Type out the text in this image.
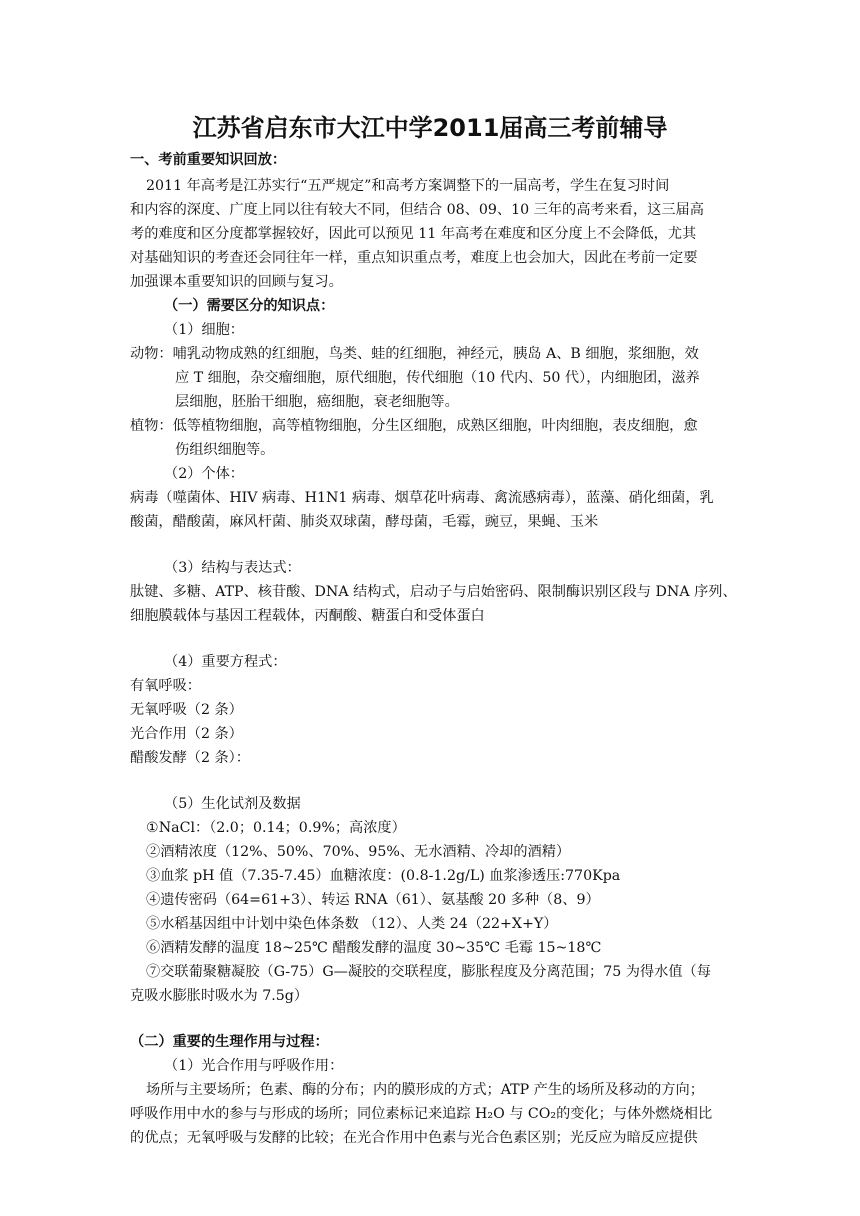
江苏省启东市大江中学2011届高三考前辅导
一、考前重要知识回放：
2011 年高考是江苏实行“五严规定”和高考方案调整下的一届高考，学生在复习时间
和内容的深度、广度上同以往有较大不同，但结合 08、09、10 三年的高考来看，这三届高
考的难度和区分度都掌握较好，因此可以预见 11 年高考在难度和区分度上不会降低，尤其
对基础知识的考查还会同往年一样，重点知识重点考，难度上也会加大，因此在考前一定要
加强课本重要知识的回顾与复习。
（一）需要区分的知识点：
（1）细胞：
动物：哺乳动物成熟的红细胞，鸟类、蛙的红细胞，神经元，胰岛 A、B 细胞，浆细胞，效
应 T 细胞，杂交瘤细胞，原代细胞，传代细胞（10 代内、50 代），内细胞团，滋养
层细胞，胚胎干细胞，癌细胞，衰老细胞等。
植物：低等植物细胞，高等植物细胞，分生区细胞，成熟区细胞，叶肉细胞，表皮细胞，愈
伤组织细胞等。
（2）个体：
病毒（噬菌体、HIV 病毒、H1N1 病毒、烟草花叶病毒、禽流感病毒），蓝藻、硝化细菌，乳
酸菌，醋酸菌，麻风杆菌、肺炎双球菌，酵母菌，毛霉，豌豆，果蝇、玉米
（3）结构与表达式：
肽键、多糖、ATP、核苷酸、DNA 结构式，启动子与启始密码、限制酶识别区段与 DNA 序列、
细胞膜载体与基因工程载体，丙酮酸、糖蛋白和受体蛋白
（4）重要方程式：
有氧呼吸：
无氧呼吸（2 条）
光合作用（2 条）
醋酸发酵（2 条）：
（5）生化试剂及数据
①NaCl：（2.0；0.14；0.9%；高浓度）
②酒精浓度（12%、50%、70%、95%、无水酒精、冷却的酒精）
③血浆 pH 值（7.35-7.45）血糖浓度：(0.8-1.2g/L) 血浆渗透压:770Kpa
④遗传密码（64=61+3）、转运 RNA（61）、氨基酸 20 多种（8、9）
⑤水稻基因组中计划中染色体条数 （12）、人类 24（22+X+Y）
⑥酒精发酵的温度 18~25℃ 醋酸发酵的温度 30~35℃ 毛霉 15~18℃
⑦交联葡聚糖凝胶（G-75）G—凝胶的交联程度，膨胀程度及分离范围；75 为得水值（每
克吸水膨胀时吸水为 7.5g）
（二）重要的生理作用与过程：
（1）光合作用与呼吸作用：
场所与主要场所；色素、酶的分布；内的膜形成的方式；ATP 产生的场所及移动的方向；
呼吸作用中水的参与与形成的场所；同位素标记来追踪 H₂O 与 CO₂的变化；与体外燃烧相比
的优点；无氧呼吸与发酵的比较；在光合作用中色素与光合色素区别；光反应为暗反应提供
